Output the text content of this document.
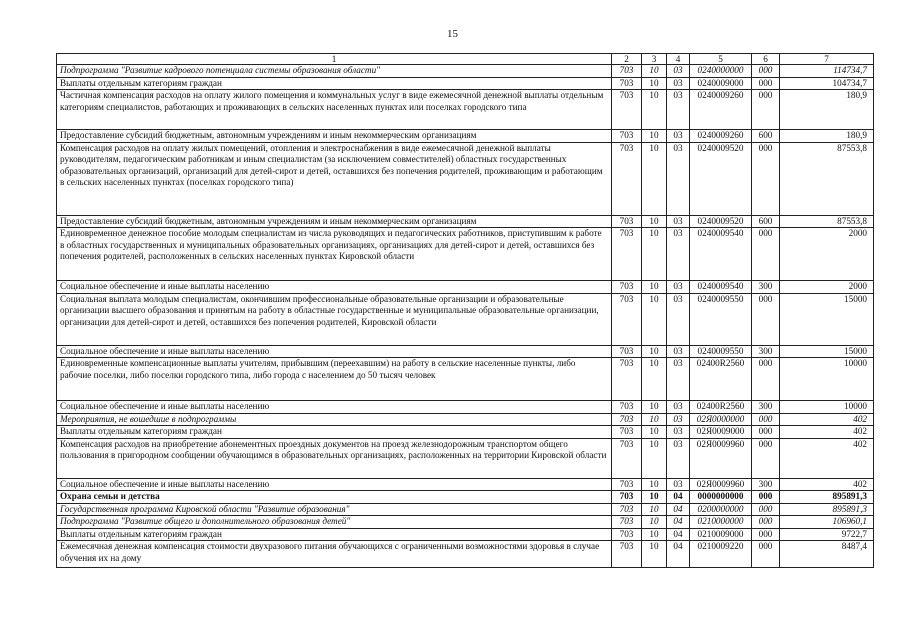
15
1	2	3	4	5	6	7
Подпрограмма "Развитие кадрового потенциала системы образования области"	703	10	03	0240000000	000	114734,7
Выплаты отдельным категориям граждан	703	10	03	0240009000	000	104734,7
Частичная компенсация расходов на оплату жилого помещения и коммунальных услуг в виде ежемесячной денежной выплаты отдельным категориям специалистов, работающих и проживающих в сельских населенных пунктах или поселках городского типа	703	10	03	0240009260	000	180,9
Предоставление субсидий бюджетным, автономным учреждениям и иным некоммерческим организациям	703	10	03	0240009260	600	180,9
Компенсация расходов на оплату жилых помещений, отопления и электроснабжения в виде ежемесячной денежной выплаты руководителям, педагогическим работникам и иным специалистам (за исключением совместителей) областных государственных образовательных организаций, организаций для детей-сирот и детей, оставшихся без попечения родителей, проживающим и работающим в сельских населенных пунктах (поселках городского типа)	703	10	03	0240009520	000	87553,8
Предоставление субсидий бюджетным, автономным учреждениям и иным некоммерческим организациям	703	10	03	0240009520	600	87553,8
Единовременное денежное пособие молодым специалистам из числа руководящих и педагогических работников, приступившим к работе в областных государственных и муниципальных образовательных организациях, организациях для детей-сирот и детей, оставшихся без попечения родителей, расположенных в сельских населенных пунктах Кировской области	703	10	03	0240009540	000	2000
Социальное обеспечение и иные выплаты населению	703	10	03	0240009540	300	2000
Социальная выплата молодым специалистам, окончившим профессиональные образовательные организации и образовательные организации высшего образования и принятым на работу в областные государственные и муниципальные образовательные организации, организации для детей-сирот и детей, оставшихся без попечения родителей, Кировской области	703	10	03	0240009550	000	15000
Социальное обеспечение и иные выплаты населению	703	10	03	0240009550	300	15000
Единовременные компенсационные выплаты учителям, прибывшим (переехавшим) на работу в сельские населенные пункты, либо рабочие поселки, либо поселки городского типа, либо города с населением до 50 тысяч человек	703	10	03	02400R2560	000	10000
Социальное обеспечение и иные выплаты населению	703	10	03	02400R2560	300	10000
Мероприятия, не вошедшие в подпрограммы	703	10	03	02Я0000000	000	402
Выплаты отдельным категориям граждан	703	10	03	02Я0009000	000	402
Компенсация расходов на приобретение абонементных проездных документов на проезд железнодорожным транспортом общего пользования в пригородном сообщении обучающимся в образовательных организациях, расположенных на территории Кировской области	703	10	03	02Я0009960	000	402
Социальное обеспечение и иные выплаты населению	703	10	03	02Я0009960	300	402
Охрана семьи и детства	703	10	04	0000000000	000	895891,3
Государственная программа Кировской области "Развитие образования"	703	10	04	0200000000	000	895891,3
Подпрограмма "Развитие общего и дополнительного образования детей"	703	10	04	0210000000	000	106960,1
Выплаты отдельным категориям граждан	703	10	04	0210009000	000	9722,7
Ежемесячная денежная компенсация стоимости двухразового питания обучающихся с ограниченными возможностями здоровья в случае обучения их на дому	703	10	04	0210009220	000	8487,4
